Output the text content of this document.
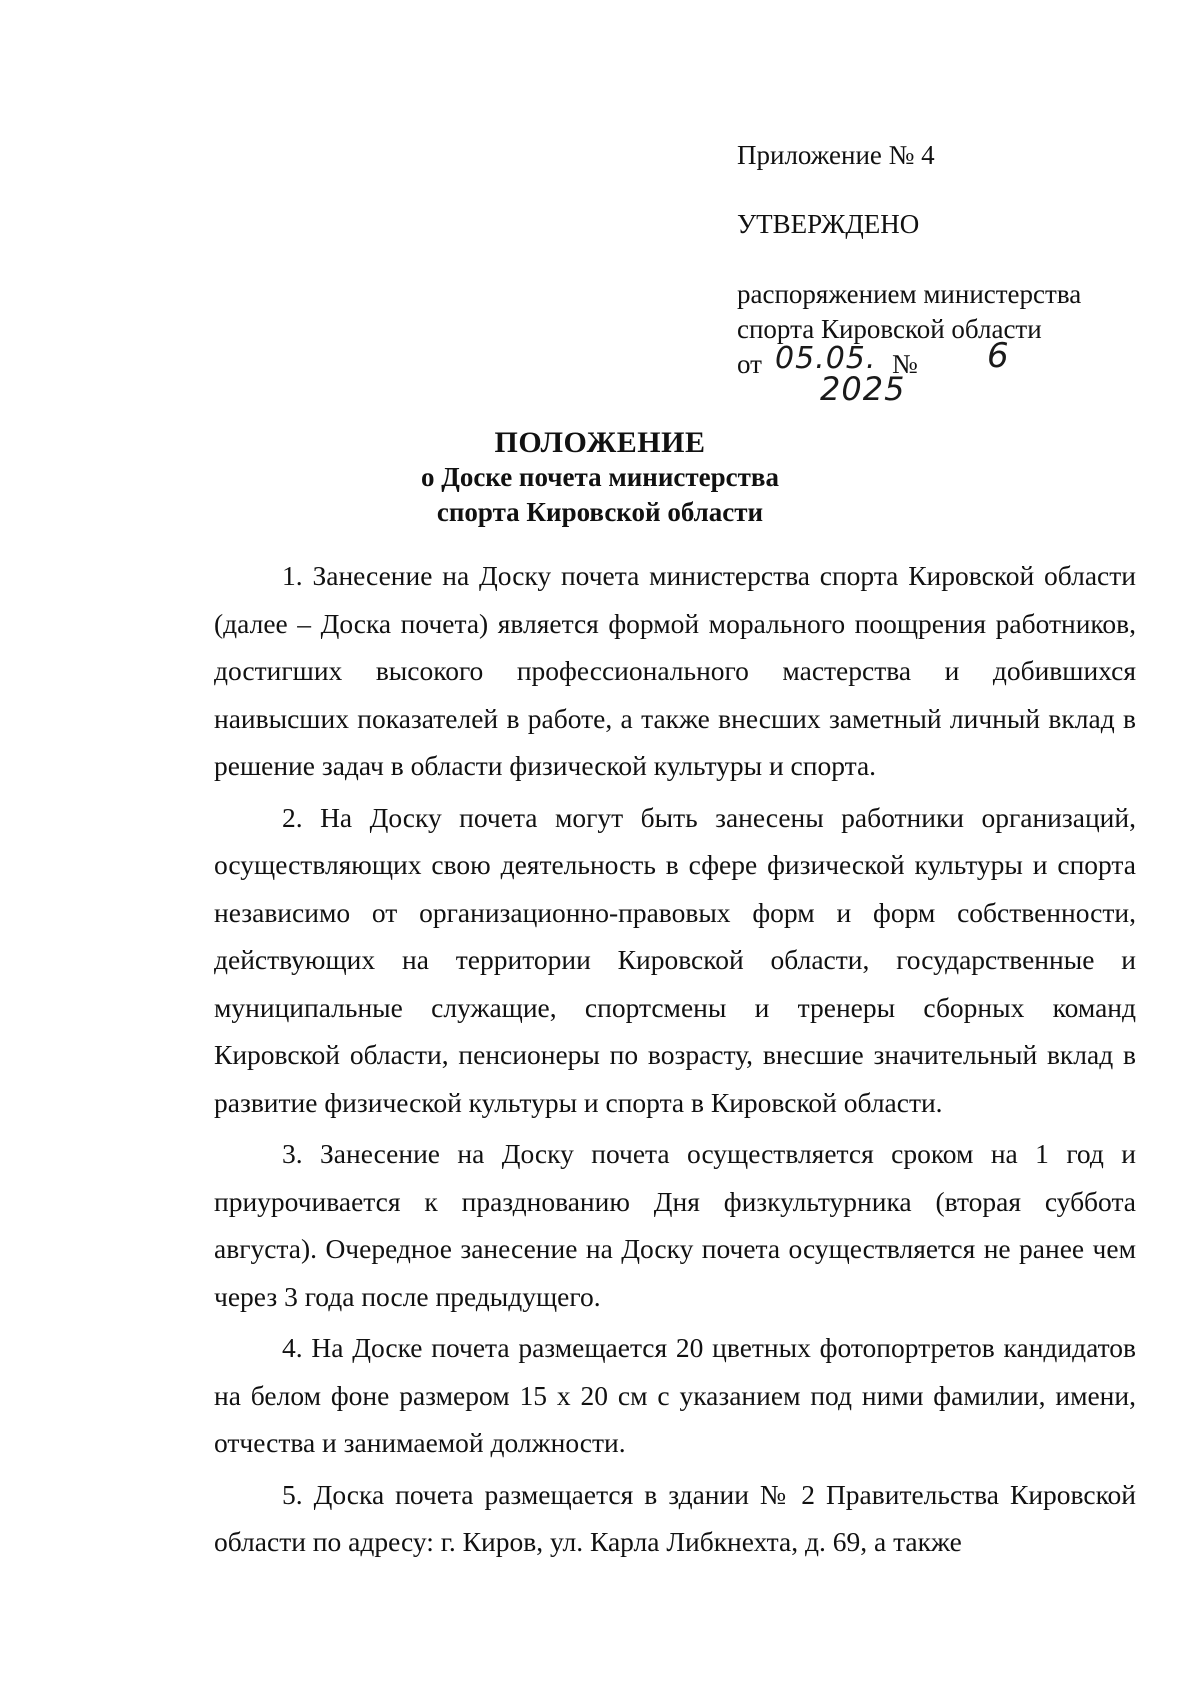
Приложение № 4
УТВЕРЖДЕНО
распоряжением министерства
спорта Кировской области
от 05.05. № 6
2025
ПОЛОЖЕНИЕ
о Доске почета министерства
спорта Кировской области

1. Занесение на Доску почета министерства спорта Кировской области (далее – Доска почета) является формой морального поощрения работников, достигших высокого профессионального мастерства и добившихся наивысших показателей в работе, а также внесших заметный личный вклад в решение задач в области физической культуры и спорта.

2. На Доску почета могут быть занесены работники организаций, осуществляющих свою деятельность в сфере физической культуры и спорта независимо от организационно-правовых форм и форм собственности, действующих на территории Кировской области, государственные и муниципальные служащие, спортсмены и тренеры сборных команд Кировской области, пенсионеры по возрасту, внесшие значительный вклад в развитие физической культуры и спорта в Кировской области.

3. Занесение на Доску почета осуществляется сроком на 1 год и приурочивается к празднованию Дня физкультурника (вторая суббота августа). Очередное занесение на Доску почета осуществляется не ранее чем через 3 года после предыдущего.

4. На Доске почета размещается 20 цветных фотопортретов кандидатов на белом фоне размером 15 х 20 см с указанием под ними фамилии, имени, отчества и занимаемой должности.

5. Доска почета размещается в здании № 2 Правительства Кировской области по адресу: г. Киров, ул. Карла Либкнехта, д. 69, а также
